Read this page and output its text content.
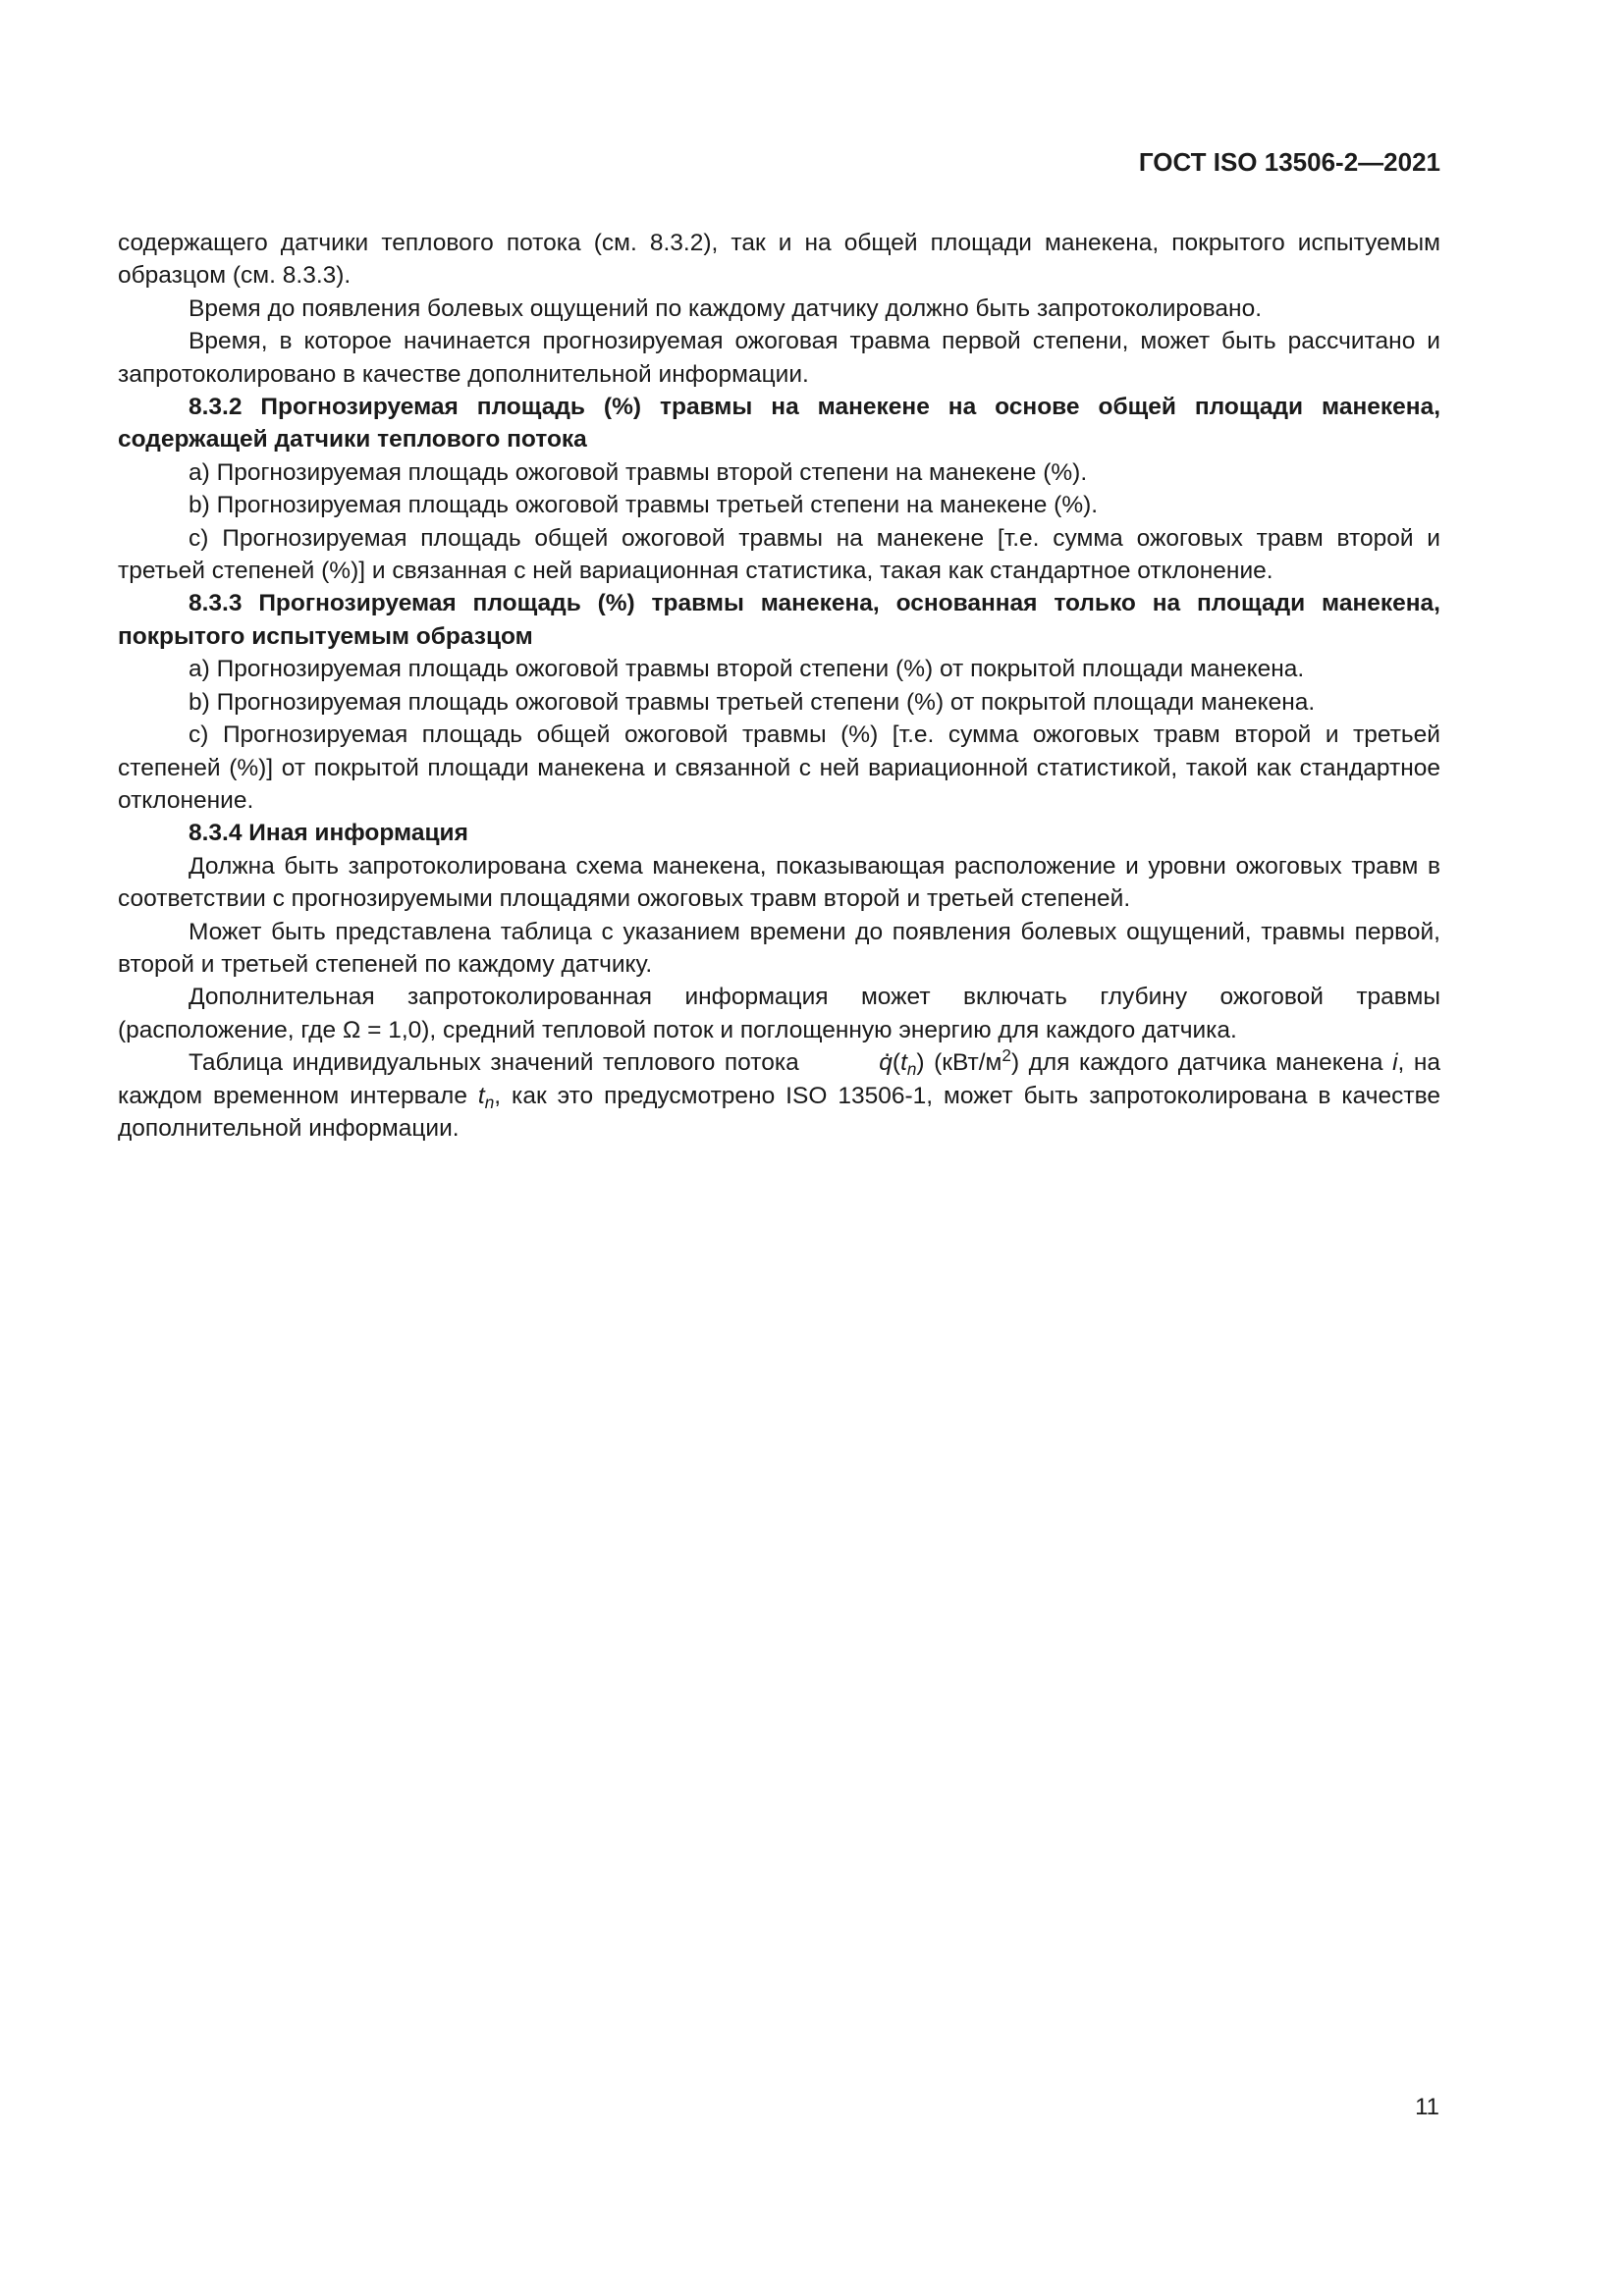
ГОСТ ISO 13506-2—2021

содержащего датчики теплового потока (см. 8.3.2), так и на общей площади манекена, покрытого испытуемым образцом (см. 8.3.3).

Время до появления болевых ощущений по каждому датчику должно быть запротоколировано.

Время, в которое начинается прогнозируемая ожоговая травма первой степени, может быть рассчитано и запротоколировано в качестве дополнительной информации.

8.3.2 Прогнозируемая площадь (%) травмы на манекене на основе общей площади манекена, содержащей датчики теплового потока

a) Прогнозируемая площадь ожоговой травмы второй степени на манекене (%).

b) Прогнозируемая площадь ожоговой травмы третьей степени на манекене (%).

c) Прогнозируемая площадь общей ожоговой травмы на манекене [т.е. сумма ожоговых травм второй и третьей степеней (%)] и связанная с ней вариационная статистика, такая как стандартное отклонение.

8.3.3 Прогнозируемая площадь (%) травмы манекена, основанная только на площади манекена, покрытого испытуемым образцом

a) Прогнозируемая площадь ожоговой травмы второй степени (%) от покрытой площади манекена.

b) Прогнозируемая площадь ожоговой травмы третьей степени (%) от покрытой площади манекена.

c) Прогнозируемая площадь общей ожоговой травмы (%) [т.е. сумма ожоговых травм второй и третьей степеней (%)] от покрытой площади манекена и связанной с ней вариационной статистикой, такой как стандартное отклонение.

8.3.4 Иная информация

Должна быть запротоколирована схема манекена, показывающая расположение и уровни ожоговых травм в соответствии с прогнозируемыми площадями ожоговых травм второй и третьей степеней.

Может быть представлена таблица с указанием времени до появления болевых ощущений, травмы первой, второй и третьей степеней по каждому датчику.

Дополнительная запротоколированная информация может включать глубину ожоговой травмы (расположение, где Ω = 1,0), средний тепловой поток и поглощенную энергию для каждого датчика.

Таблица индивидуальных значений теплового потока	q $.(t_n)$ $(кВт/м^2)$ для каждого датчика манекена i, на каждом временном интервале $t_n$, как это предусмотрено ISO 13506-1, может быть запротоколирована в качестве дополнительной информации.

11
